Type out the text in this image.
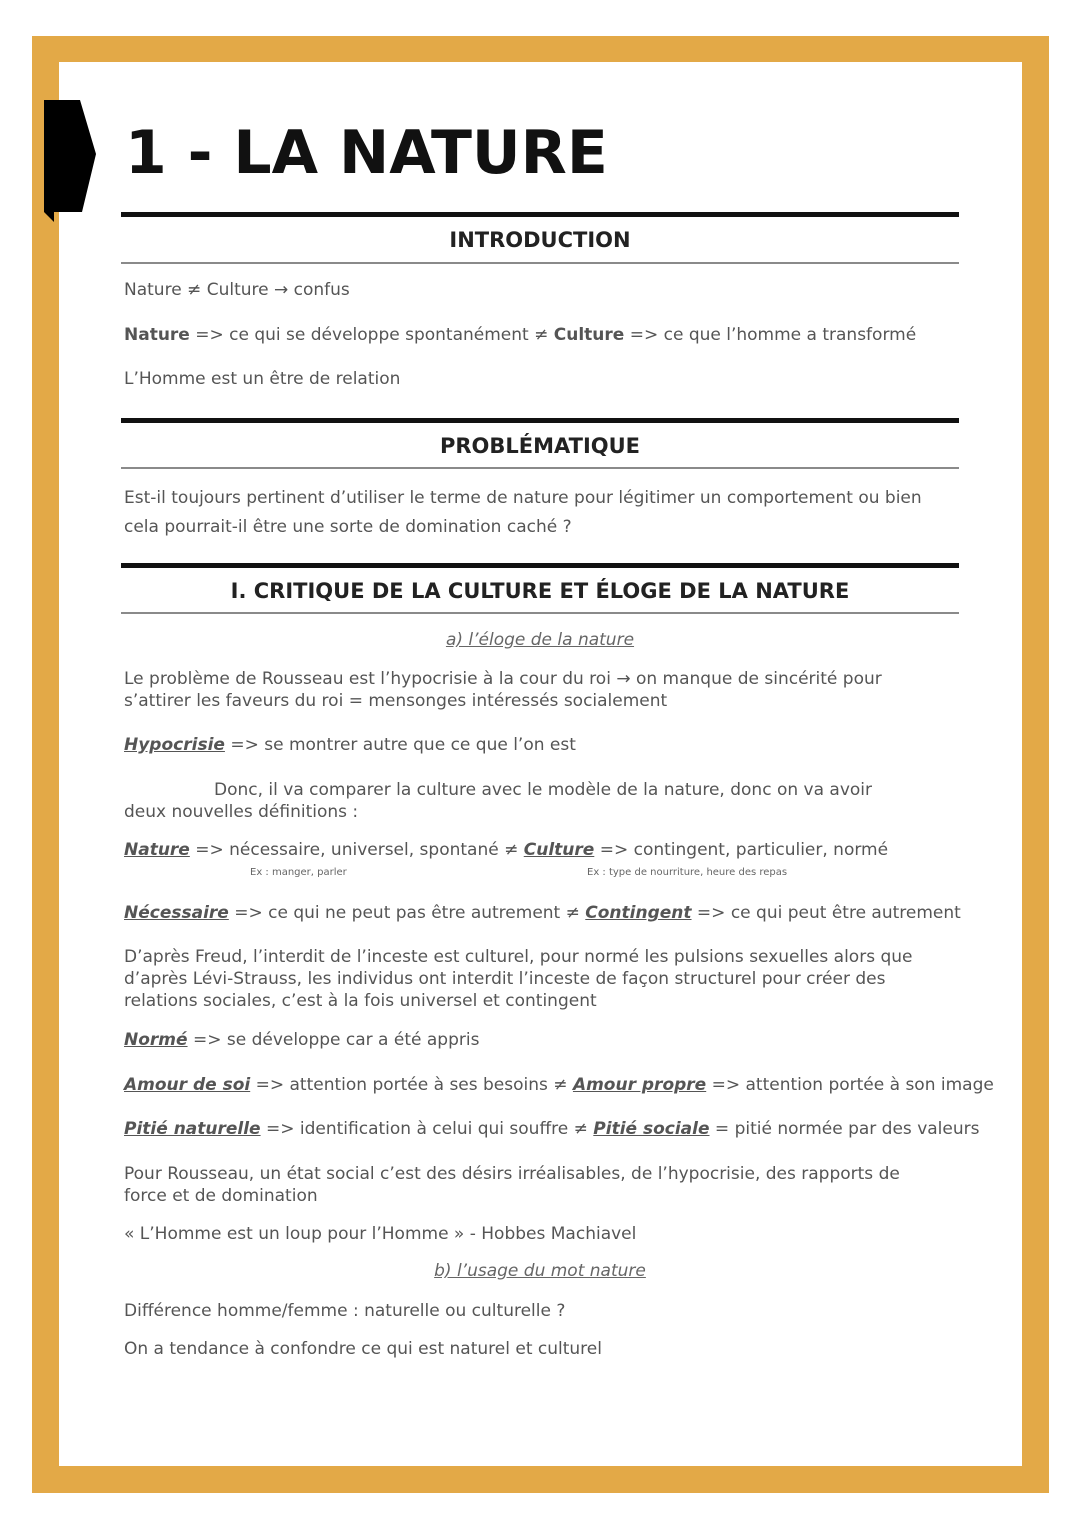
1 - LA NATURE
INTRODUCTION

Nature ≠ Culture → confus

Nature => ce qui se développe spontanément ≠ Culture => ce que l’homme a transformé

L’Homme est un être de relation

PROBLÉMATIQUE

Est-il toujours pertinent d’utiliser le terme de nature pour légitimer un comportement ou bien cela pourrait-il être une sorte de domination caché ?

I. CRITIQUE DE LA CULTURE ET ÉLOGE DE LA NATURE

a) l’éloge de la nature

Le problème de Rousseau est l’hypocrisie à la cour du roi → on manque de sincérité pour s’attirer les faveurs du roi = mensonges intéressés socialement

Hypocrisie => se montrer autre que ce que l’on est

Donc, il va comparer la culture avec le modèle de la nature, donc on va avoir deux nouvelles définitions :

Nature => nécessaire, universel, spontané ≠ Culture => contingent, particulier, normé

Ex : manger, parler	Ex : type de nourriture, heure des repas

Nécessaire => ce qui ne peut pas être autrement ≠ Contingent => ce qui peut être autrement

D’après Freud, l’interdit de l’inceste est culturel, pour normé les pulsions sexuelles alors que d’après Lévi-Strauss, les individus ont interdit l’inceste de façon structurel pour créer des relations sociales, c’est à la fois universel et contingent

Normé => se développe car a été appris

Amour de soi => attention portée à ses besoins ≠ Amour propre => attention portée à son image

Pitié naturelle => identification à celui qui souffre ≠ Pitié sociale = pitié normée par des valeurs

Pour Rousseau, un état social c’est des désirs irréalisables, de l’hypocrisie, des rapports de force et de domination

« L’Homme est un loup pour l’Homme » - Hobbes Machiavel

b) l’usage du mot nature

Différence homme/femme : naturelle ou culturelle ?

On a tendance à confondre ce qui est naturel et culturel
